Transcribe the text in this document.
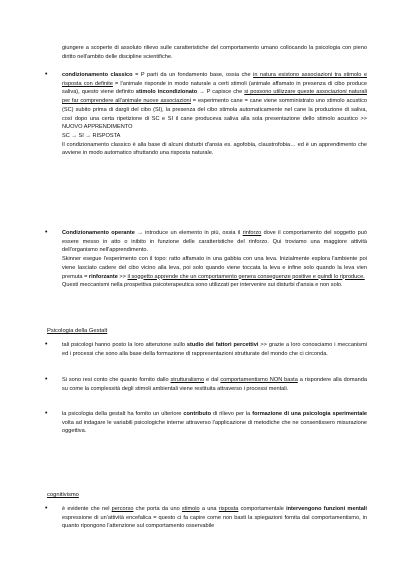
giungere a scoperte di assoluto rilievo sulle caratteristiche del comportamento umano collocando la psicologia con pieno diritto nell'ambito delle discipline scientifiche.
•	condizionamento classico = P parti da un fondamento base, ossia che in natura esistono associazioni tra stimolo e risposta con definite = l'animale risponde in modo naturale a certi stimoli (animale affamato in presenza di cibo produce saliva), questo viene definito stimolo incondizionato → P capisce che si possono utilizzare queste associazioni naturali per far comprendere all'animale nuove associazioni = esperimento cane = cane viene somministrato uno stimolo acustico (SC) subito prima di dargli del cibo (SI), la presenza del cibo stimola automaticamente nel cane la produzione di saliva, così dopo una certa ripetizione di SC e SI il cane produceva saliva alla sola presentazione dello stimolo acustico >> NUOVO APPRENDIMENTO
SC → SI → RISPOSTA
Il condizionamento classico è alla base di alcuni disturbi d'ansia es. agofobia, claustrofobia… ed è un apprendimento che avviene in modo automatico sfruttando una risposta naturale.
•	Condizionamento operante → introduce un elemento in più, ossia il rinforzo dove il comportamento del soggetto può essere messo in atto o inibito in funzione delle caratteristiche del rinforzo. Qui troviamo una maggiore attività dell'organismo nell'apprendimento.
Skinner esegue l'esperimento con il topo: ratto affamato in una gabbia con una leva. Inizialmente esplora l'ambiente poi viene lasciato cadere del cibo vicino alla leva, poi solo quando viene toccata la leva e infine solo quando la leva vien premuta = rinforzante >> il soggetto apprende che un comportamento genera conseguenze positive e quindi lo riproduce.
Questi meccanismi nella prospettiva psicoterapeutica sono utilizzati per intervenire sui disturbi d'ansia e non solo.
Psicologia della Gestalt
•	tali psicologi hanno posto la loro attenzione sullo studio dei fattori percettivi >> grazie a loro conosciamo i meccanismi ed i processi che sono alla base della formazione di rappresentazioni strutturate del mondo che ci circonda.
•	Si sono resi conto che quanto fornito dallo strutturalismo e dal comportamentismo NON basta a rispondere alla domanda su come la complessità degli stimoli ambientali viene restituita attraverso i processi mentali.
•	la psicologia della gestalt ha fornito un ulteriore contributo di rilievo per la formazione di una psicologia sperimentale volta ad indagare le variabili psicologiche interne attraverso l'applicazione di metodiche che ne consentissero misurazione oggettiva.
cognitivismo
•	è evidente che nel percorso che porta da uno stimolo a una risposta comportamentale intervengono funzioni mentali espressione di un'attività encefalica = questo ci fa capire come non basti la spiegazioni fornita dal comportamentismo, in quanto ripongono l'attenzione sul comportamento osservabile
